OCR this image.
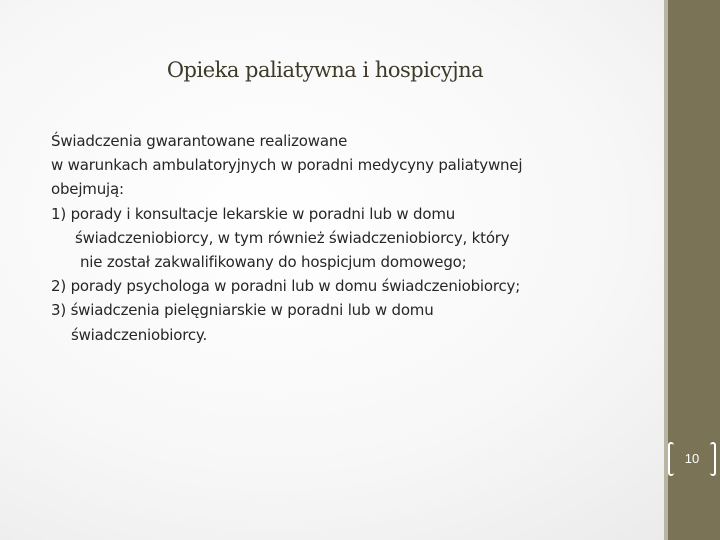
Opieka paliatywna i hospicyjna
Świadczenia gwarantowane realizowane
w warunkach ambulatoryjnych w poradni medycyny paliatywnej
obejmują:
1) porady i konsultacje lekarskie w poradni lub w domu
świadczeniobiorcy, w tym również świadczeniobiorcy, który
nie został zakwalifikowany do hospicjum domowego;
2) porady psychologa w poradni lub w domu świadczeniobiorcy;
3) świadczenia pielęgniarskie w poradni lub w domu
świadczeniobiorcy.
10
